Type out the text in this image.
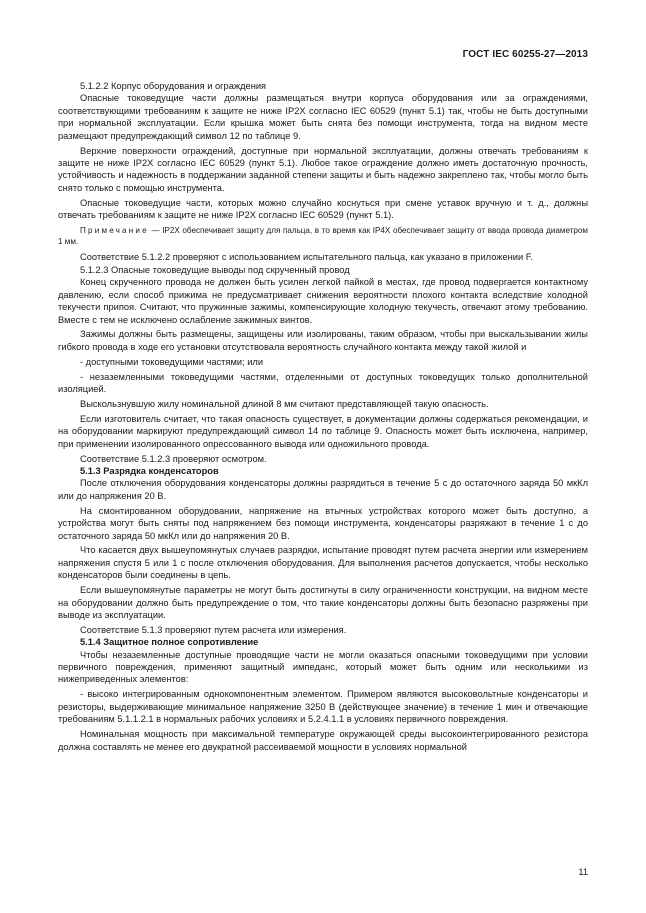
ГОСТ IEC 60255-27—2013

5.1.2.2 Корпус оборудования и ограждения

Опасные токоведущие части должны размещаться внутри корпуса оборудования или за ограждениями, соответствующими требованиям к защите не ниже IP2X согласно IEC 60529 (пункт 5.1) так, чтобы не быть доступными при нормальной эксплуатации. Если крышка может быть снята без помощи инструмента, тогда на видном месте размещают предупреждающий символ 12 по таблице 9.

Верхние поверхности ограждений, доступные при нормальной эксплуатации, должны отвечать требованиям к защите не ниже IP2X согласно IEC 60529 (пункт 5.1). Любое такое ограждение должно иметь достаточную прочность, устойчивость и надежность в поддержании заданной степени защиты и быть надежно закреплено так, чтобы могло быть снято только с помощью инструмента.

Опасные токоведущие части, которых можно случайно коснуться при смене уставок вручную и т. д., должны отвечать требованиям к защите не ниже IP2X согласно IEC 60529 (пункт 5.1).

Примечание — IP2X обеспечивает защиту для пальца, в то время как IP4X обеспечивает защиту от ввода провода диаметром 1 мм.

Соответствие 5.1.2.2 проверяют с использованием испытательного пальца, как указано в приложении F.

5.1.2.3 Опасные токоведущие выводы под скрученный провод

Конец скрученного провода не должен быть усилен легкой пайкой в местах, где провод подвергается контактному давлению, если способ прижима не предусматривает снижения вероятности плохого контакта вследствие холодной текучести припоя. Считают, что пружинные зажимы, компенсирующие холодную текучесть, отвечают этому требованию. Вместе с тем не исключено ослабление зажимных винтов.

Зажимы должны быть размещены, защищены или изолированы, таким образом, чтобы при выскальзывании жилы гибкого провода в ходе его установки отсутствовала вероятность случайного контакта между такой жилой и

- доступными токоведущими частями; или

- незаземленными токоведущими частями, отделенными от доступных токоведущих только дополнительной изоляцией.

Выскользнувшую жилу номинальной длиной 8 мм считают представляющей такую опасность.

Если изготовитель считает, что такая опасность существует, в документации должны содержаться рекомендации, и на оборудовании маркируют предупреждающий символ 14 по таблице 9. Опасность может быть исключена, например, при применении изолированного опрессованного вывода или одножильного провода.

Соответствие 5.1.2.3 проверяют осмотром.

5.1.3 Разрядка конденсаторов

После отключения оборудования конденсаторы должны разрядиться в течение 5 с до остаточного заряда 50 мкКл или до напряжения 20 В.

На смонтированном оборудовании, напряжение на втычных устройствах которого может быть доступно, а устройства могут быть сняты под напряжением без помощи инструмента, конденсаторы разряжают в течение 1 с до остаточного заряда 50 мкКл или до напряжения 20 В.

Что касается двух вышеупомянутых случаев разрядки, испытание проводят путем расчета энергии или измерением напряжения спустя 5 или 1 с после отключения оборудования. Для выполнения расчетов допускается, чтобы несколько конденсаторов были соединены в цепь.

Если вышеупомянутые параметры не могут быть достигнуты в силу ограниченности конструкции, на видном месте на оборудовании должно быть предупреждение о том, что такие конденсаторы должны быть безопасно разряжены при выводе из эксплуатации.

Соответствие 5.1.3 проверяют путем расчета или измерения.

5.1.4 Защитное полное сопротивление

Чтобы незаземленные доступные проводящие части не могли оказаться опасными токоведущими при условии первичного повреждения, применяют защитный импеданс, который может быть одним или несколькими из нижеприведенных элементов:

- высоко интегрированным однокомпонентным элементом. Примером являются высоковольтные конденсаторы и резисторы, выдерживающие минимальное напряжение 3250 В (действующее значение) в течение 1 мин и отвечающие требованиям 5.1.1.2.1 в нормальных рабочих условиях и 5.2.4.1.1 в условиях первичного повреждения.

Номинальная мощность при максимальной температуре окружающей среды высокоинтегрированного резистора должна составлять не менее его двукратной рассеиваемой мощности в условиях нормальной

11
